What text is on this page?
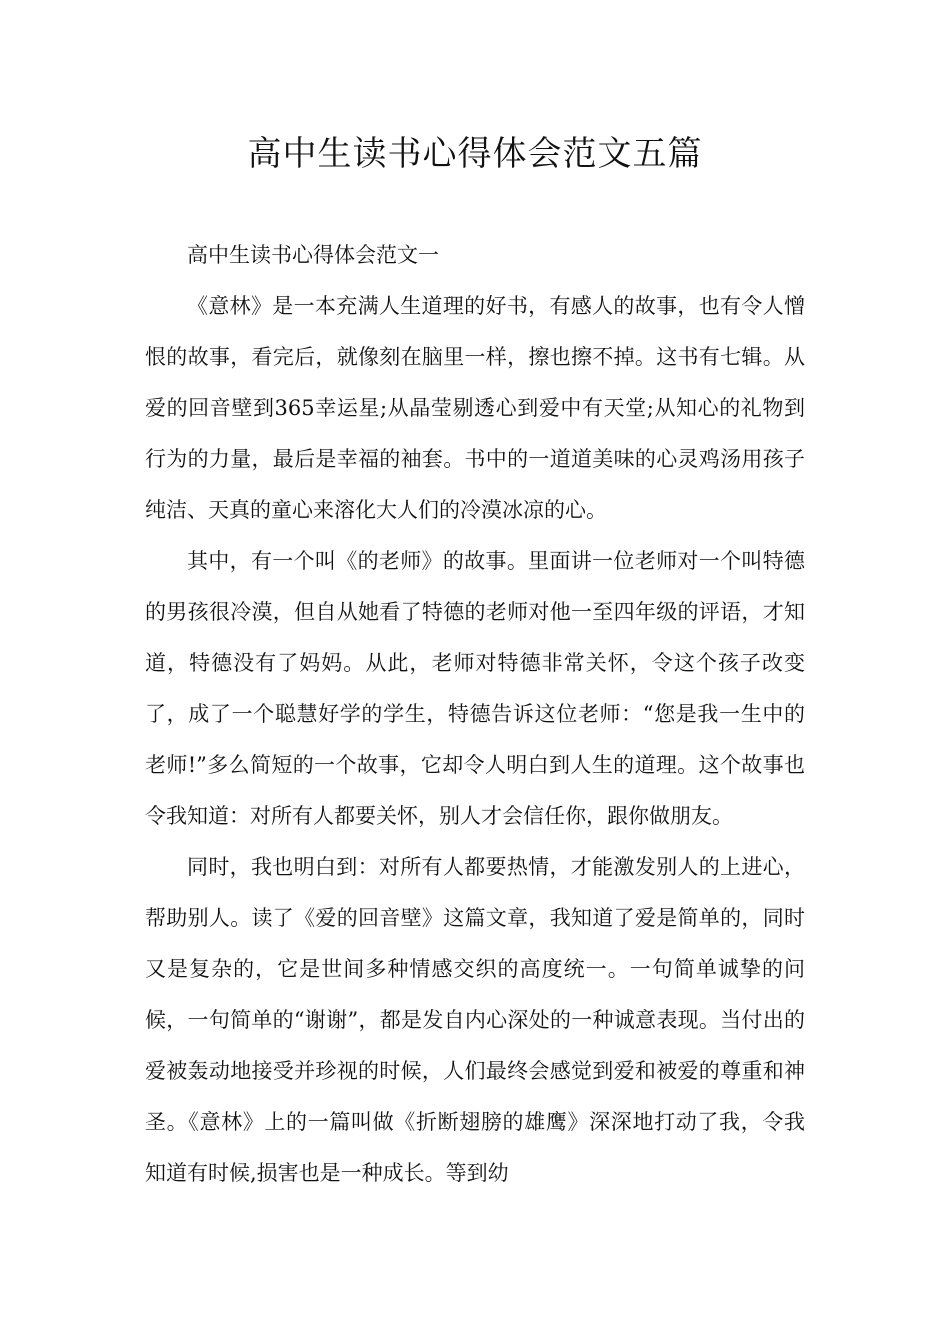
高中生读书心得体会范文五篇

高中生读书心得体会范文一

《意林》是一本充满人生道理的好书，有感人的故事，也有令人憎恨的故事，看完后，就像刻在脑里一样，擦也擦不掉。这书有七辑。从爱的回音壁到365幸运星;从晶莹剔透心到爱中有天堂;从知心的礼物到行为的力量，最后是幸福的袖套。书中的一道道美味的心灵鸡汤用孩子纯洁、天真的童心来溶化大人们的冷漠冰凉的心。

其中，有一个叫《的老师》的故事。里面讲一位老师对一个叫特德的男孩很冷漠，但自从她看了特德的老师对他一至四年级的评语，才知道，特德没有了妈妈。从此，老师对特德非常关怀，令这个孩子改变了，成了一个聪慧好学的学生，特德告诉这位老师：“您是我一生中的老师!”多么简短的一个故事，它却令人明白到人生的道理。这个故事也令我知道：对所有人都要关怀，别人才会信任你，跟你做朋友。

同时，我也明白到：对所有人都要热情，才能激发别人的上进心，帮助别人。读了《爱的回音壁》这篇文章，我知道了爱是简单的，同时又是复杂的，它是世间多种情感交织的高度统一。一句简单诚挚的问候，一句简单的“谢谢”，都是发自内心深处的一种诚意表现。当付出的爱被轰动地接受并珍视的时候，人们最终会感觉到爱和被爱的尊重和神圣。《意林》上的一篇叫做《折断翅膀的雄鹰》深深地打动了我，令我知道有时候,损害也是一种成长。等到幼
